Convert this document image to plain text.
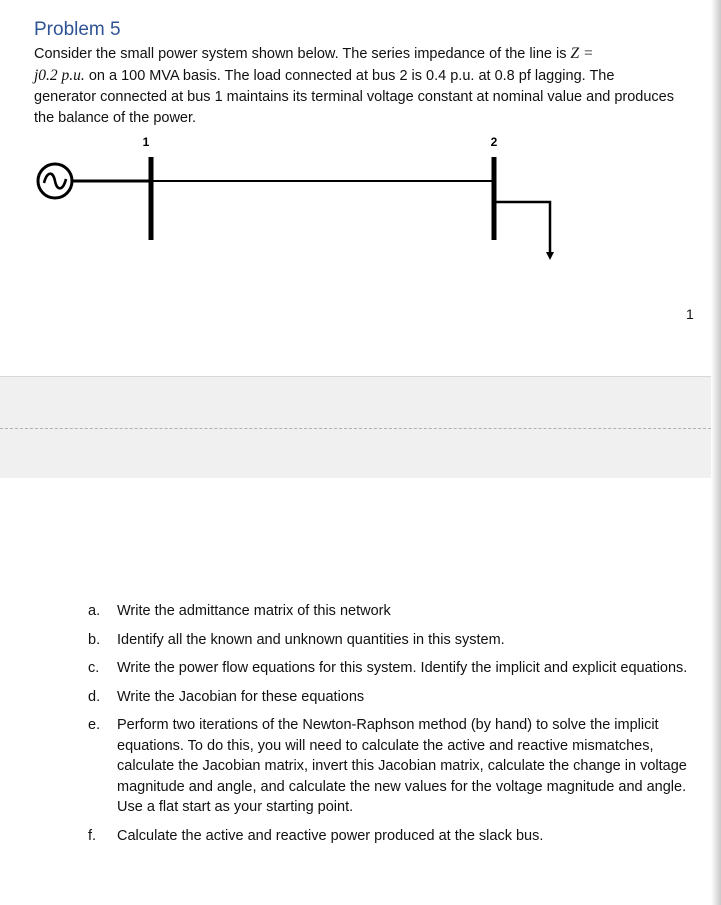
Problem 5
Consider the small power system shown below. The series impedance of the line is Z =
j0.2 p.u. on a 100 MVA basis. The load connected at bus 2 is 0.4 p.u. at 0.8 pf lagging. The generator connected at bus 1 maintains its terminal voltage constant at nominal value and produces the balance of the power.
1	2
1
a. Write the admittance matrix of this network
b. Identify all the known and unknown quantities in this system.
c. Write the power flow equations for this system. Identify the implicit and explicit equations.
d. Write the Jacobian for these equations
e. Perform two iterations of the Newton-Raphson method (by hand) to solve the implicit equations. To do this, you will need to calculate the active and reactive mismatches, calculate the Jacobian matrix, invert this Jacobian matrix, calculate the change in voltage magnitude and angle, and calculate the new values for the voltage magnitude and angle. Use a flat start as your starting point.
f. Calculate the active and reactive power produced at the slack bus.
